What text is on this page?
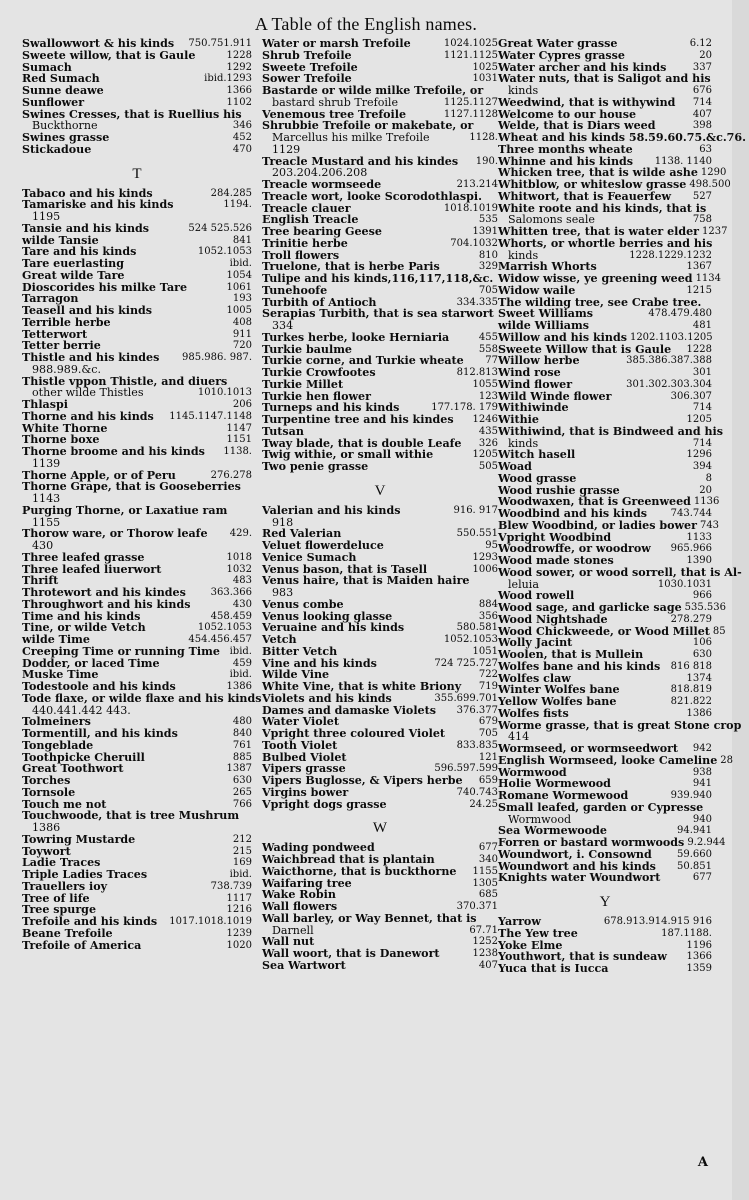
A Table of the English names.
Swallowwort & his kinds	750.751.911
Sweete willow, that is Gaule	1228
Sumach	1292
Red Sumach	ibid.1293
Sunne deawe	1366
Sunflower	1102
Swines Cresses, that is Ruellius his
Buckthorne	346
Swines grasse	452
Stickadoue	470
T
Tabaco and his kinds	284.285
Tamariske and his kinds	1194.
1195
Tansie and his kinds	524 525.526
wilde Tansie	841
Tare and his kinds	1052.1053
Tare euerlasting	ibid.
Great wilde Tare	1054
Dioscorides his milke Tare	1061
Tarragon	193
Teasell and his kinds	1005
Terrible herbe	408
Tetterwort	911
Tetter berrie	720
Thistle and his kindes	985.986. 987.
988.989.&c.
Thistle vppon Thistle, and diuers
other wilde Thistles	1010.1013
Thlaspi	206
Thorne and his kinds	1145.1147.1148
White Thorne	1147
Thorne boxe	1151
Thorne broome and his kinds	1138.
1139
Thorne Apple, or of Peru	276.278
Thorne Grape, that is Gooseberries
1143
Purging Thorne, or Laxatiue ram
1155
Thorow ware, or Thorow leafe	429.
430
Three leafed grasse	1018
Three leafed liuerwort	1032
Thrift	483
Throtewort and his kindes	363.366
Throughwort and his kinds	430
Time and his kinds	458.459
Tine, or wilde Vetch	1052.1053
wilde Time	454.456.457
Creeping Time or running Time ibid.
Dodder, or laced Time	459
Muske Time	ibid.
Todestoole and his kinds	1386
Tode flaxe, or wilde flaxe and his kinds
440.441.442 443.
Tolmeiners	480
Tormentill, and his kinds	840
Tongeblade	761
Toothpicke Cheruill	885
Great Toothwort	1387
Torches	630
Tornsole	265
Touch me not	766
Touchwoode, that is tree Mushrum
1386
Towring Mustarde	212
Toywort	215
Ladie Traces	169
Triple Ladies Traces	ibid.
Trauellers ioy	738.739
Tree of life	1117
Tree spurge	1216
Trefoile and his kinds	1017.1018.1019
Beane Trefoile	1239
Trefoile of America	1020
Water or marsh Trefoile	1024.1025
Shrub Trefoile	1121.1125
Sweete Trefoile	1025
Sower Trefoile	1031
Bastarde or wilde milke Trefoile, or
bastard shrub Trefoile	1125.1127
Venemous tree Trefoile	1127.1128
Shrubbie Trefoile or makebate, or
Marcellus his milke Trefoile	1128.
1129
Treacle Mustard and his kindes	190.
203.204.206.208
Treacle wormseede	213.214
Treacle wort, looke Scorodothlaspi.
Treacle clauer	1018.1019
English Treacle	535
Tree bearing Geese	1391
Trinitie herbe	704.1032
Troll flowers	810
Truelone, that is herbe Paris	329
Tulipe and his kinds,116,117,118,&c.
Tunehoofe	705
Turbith of Antioch	334.335
Serapias Turbith, that is sea starwort
334
Turkes herbe, looke Herniaria	455
Turkie baulme	558
Turkie corne, and Turkie wheate	77
Turkie Crowfootes	812.813
Turkie Millet	1055
Turkie hen flower	123
Turneps and his kinds	177.178. 179
Turpentine tree and his kindes	1246
Tutsan	435
Tway blade, that is double Leafe	326
Twig withie, or small withie	1205
Two penie grasse	505
V
Valerian and his kinds	916. 917
918
Red Valerian	550.551
Veluet flowerdeluce	95
Venice Sumach	1293
Venus bason, that is Tasell	1006
Venus haire, that is Maiden haire
983
Venus combe	884
Venus looking glasse	356
Veruaine and his kinds	580.581
Vetch	1052.1053
Bitter Vetch	1051
Vine and his kinds	724 725.727
Wilde Vine	722
White Vine, that is white Briony	719
Violets and his kinds	355.699.701
Dames and damaske Violets	376.377
Water Violet	679
Vpright three coloured Violet	705
Tooth Violet	833.835
Bulbed Violet	121
Vipers grasse	596.597.599
Vipers Buglosse, & Vipers herbe	659
Virgins bower	740.743
Vpright dogs grasse	24.25
W
Wading pondweed	677
Waichbread that is plantain	340
Waicthorne, that is buckthorne	1155
Waifaring tree	1305
Wake Robin	685
Wall flowers	370.371
Wall barley, or Way Bennet, that is
Darnell	67.71
Wall nut	1252
Wall woort, that is Danewort	1238
Sea Wartwort	407
Great Water grasse	6.12
Water Cypres grasse	20
Water archer and his kinds	337
Water nuts, that is Saligot and his
kinds	676
Weedwind, that is withywind	714
Welcome to our house	407
Welde, that is Diars weed	398
Wheat and his kinds 58.59.60.75.&c.76.
Three months wheate	63
Whinne and his kinds	1138. 1140
Whicken tree, that is wilde ashe 1290
Whitblow, or whiteslow grasse 498.500
Whitwort, that is Feauerfew	527
White roote and his kinds, that is
Salomons seale	758
Whitten tree, that is water elder 1237
Whorts, or whortle berries and his
kinds	1228.1229.1232
Marrish Whorts	1367
Widow wisse, ye greening weed 1134
Widow waile	1215
The wilding tree, see Crabe tree.
Sweet Williams	478.479.480
wilde Williams	481
Willow and his kinds 1202.1103.1205
Sweete Willow that is Gaule	1228
Willow herbe	385.386.387.388
Wind rose	301
Wind flower	301.302.303.304
Wild Winde flower	306.307
Withiwinde	714
Withie	1205
Withiwind, that is Bindweed and his
kinds	714
Witch hasell	1296
Woad	394
Wood grasse	8
Wood rushie grasse	20
Woodwaxen, that is Greenweed 1136
Woodbind and his kinds	743.744
Blew Woodbind, or ladies bower 743
Vpright Woodbind	1133
Woodrowffe, or woodrow	965.966
Wood made stones	1390
Wood sower, or wood sorrell, that is Al-
leluia	1030.1031
Wood rowell	966
Wood sage, and garlicke sage 535.536
Wood Nightshade	278.279
Wood Chickweede, or Wood Millet 85
Wolly Jacint	106
Woolen, that is Mullein	630
Wolfes bane and his kinds	816 818
Wolfes claw	1374
Winter Wolfes bane	818.819
Yellow Wolfes bane	821.822
Wolfes fists	1386
Worme grasse, that is great Stone crop
414
Wormseed, or wormseedwort	942
English Wormseed, looke Cameline 28
Wormwood	938
Holie Wormewood	941
Romane Wormewood	939.940
Small leafed, garden or Cypresse
Wormwood	940
Sea Wormewoode	94.941
Forren or bastard wormwoods 9.2.944
Woundwort, i. Consownd	59.660
Woundwort and his kinds	50.851
Knights water Woundwort	677
Y
Yarrow	678.913.914.915 916
The Yew tree	187.1188.
Yoke Elme	1196
Youthwort, that is sundeaw	1366
Yuca that is Iucca	1359
A
